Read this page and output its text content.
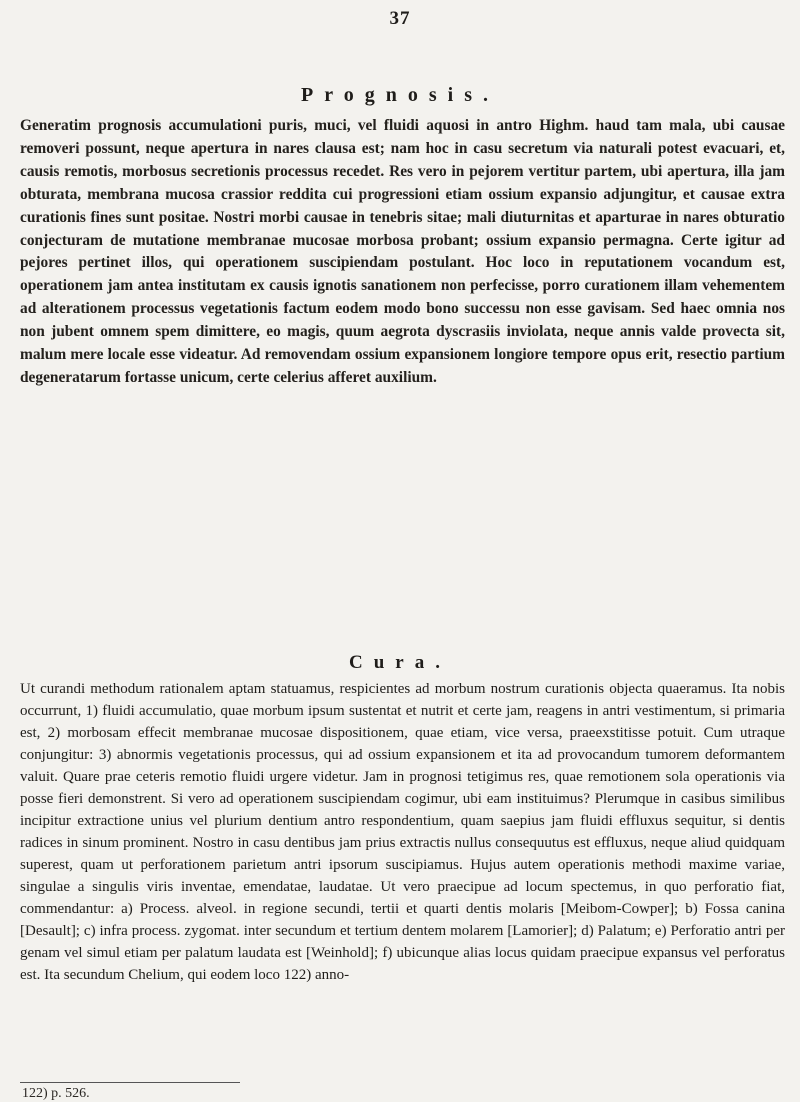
37
Prognosis.

Generatim prognosis accumulationi puris, muci, vel fluidi aquosi in antro Highm. haud tam mala, ubi causae removeri possunt, neque apertura in nares clausa est; nam hoc in casu secretum via naturali potest evacuari, et, causis remotis, morbosus secretionis processus recedet. Res vero in pejorem vertitur partem, ubi apertura, illa jam obturata, membrana mucosa crassior reddita cui progressioni etiam ossium expansio adjungitur, et causae extra curationis fines sunt positae. Nostri morbi causae in tenebris sitae; mali diuturnitas et aparturae in nares obturatio conjecturam de mutatione membranae mucosae morbosa probant; ossium expansio permagna. Certe igitur ad pejores pertinet illos, qui operationem suscipiendam postulant. Hoc loco in reputationem vocandum est, operationem jam antea institutam ex causis ignotis sanationem non perfecisse, porro curationem illam vehementem ad alterationem processus vegetationis factum eodem modo bono successu non esse gavisam. Sed haec omnia nos non jubent omnem spem dimittere, eo magis, quum aegrota dyscrasiis inviolata, neque annis valde provecta sit, malum mere locale esse videatur. Ad removendam ossium expansionem longiore tempore opus erit, resectio partium degeneratarum fortasse unicum, certe celerius afferet auxilium.

Cura.

Ut curandi methodum rationalem aptam statuamus, respicientes ad morbum nostrum curationis objecta quaeramus. Ita nobis occurrunt, 1) fluidi accumulatio, quae morbum ipsum sustentat et nutrit et certe jam, reagens in antri vestimentum, si primaria est, 2) morbosam effecit membranae mucosae dispositionem, quae etiam, vice versa, praeexstitisse potuit. Cum utraque conjungitur: 3) abnormis vegetationis processus, qui ad ossium expansionem et ita ad provocandum tumorem deformantem valuit. Quare prae ceteris remotio fluidi urgere videtur. Jam in prognosi tetigimus res, quae remotionem sola operationis via posse fieri demonstrent. Si vero ad operationem suscipiendam cogimur, ubi eam instituimus? Plerumque in casibus similibus incipitur extractione unius vel plurium dentium antro respondentium, quam saepius jam fluidi effluxus sequitur, si dentis radices in sinum prominent. Nostro in casu dentibus jam prius extractis nullus consequutus est effluxus, neque aliud quidquam superest, quam ut perforationem parietum antri ipsorum suscipiamus. Hujus autem operationis methodi maxime variae, singulae a singulis viris inventae, emendatae, laudatae. Ut vero praecipue ad locum spectemus, in quo perforatio fiat, commendantur: a) Process. alveol. in regione secundi, tertii et quarti dentis molaris [Meibom-Cowper]; b) Fossa canina [Desault]; c) infra process. zygomat. inter secundum et tertium dentem molarem [Lamorier]; d) Palatum; e) Perforatio antri per genam vel simul etiam per palatum laudata est [Weinhold]; f) ubicunque alias locus quidam praecipue expansus vel perforatus est. Ita secundum Chelium, qui eodem loco 122) anno-

122) p. 526.
